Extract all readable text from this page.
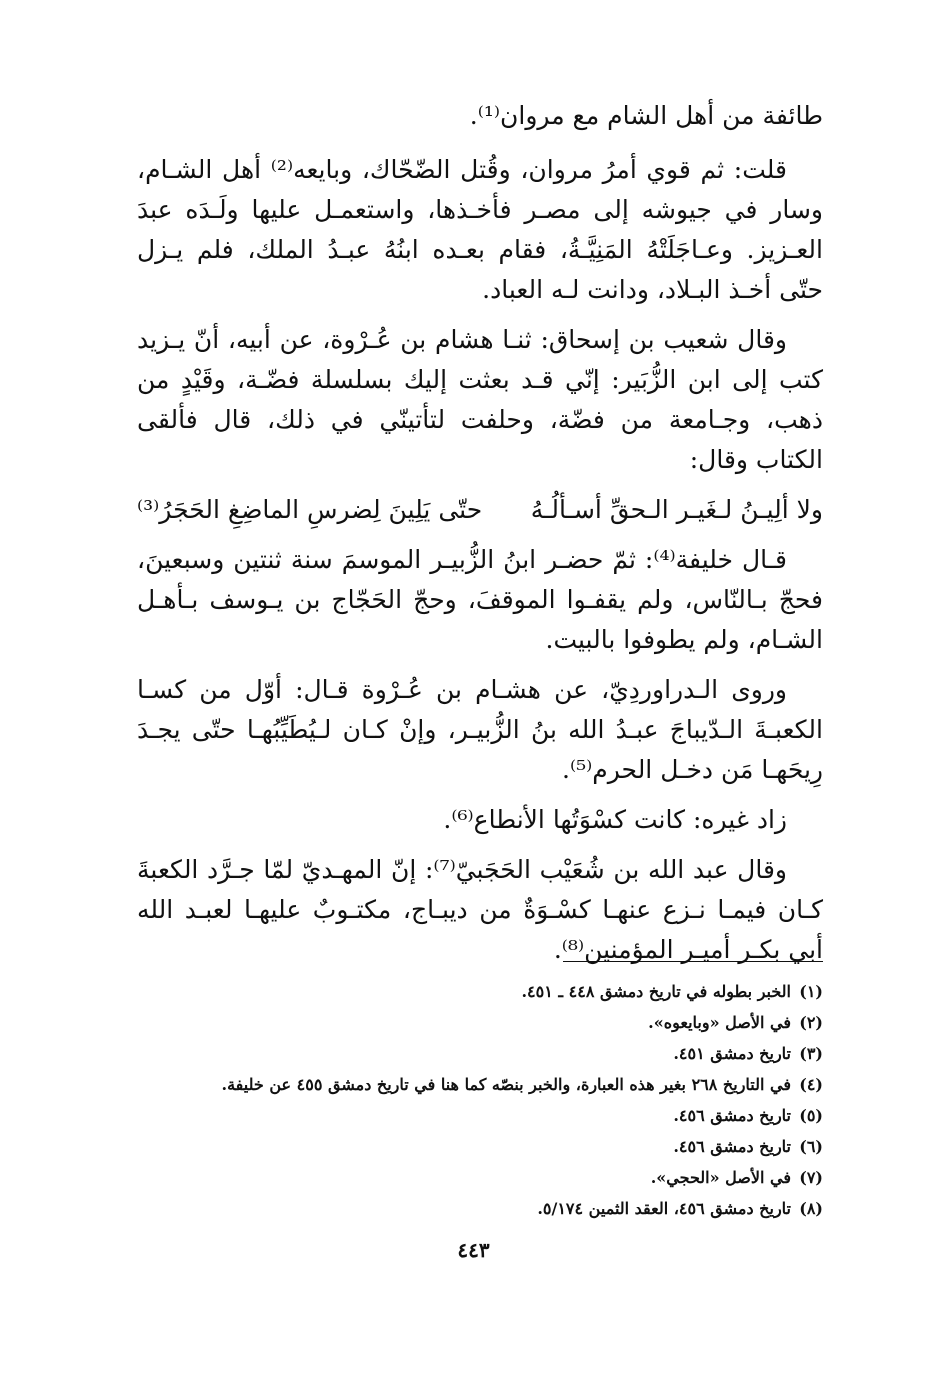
طائفة من أهل الشام مع مروان⁽¹⁾.

قلت: ثم قوي أمرُ مروان، وقُتل الضّحّاك، وبايعه⁽²⁾ أهل الشـام، وسار في جيوشه إلى مصـر فأخـذها، واستعمـل عليها ولَـدَه عبدَ العـزيز. وعـاجَلَتْهُ المَنِيَّـةُ، فقام بعـده ابنُهُ عبـدُ الملك، فلم يـزل حتّى أخـذ البـلاد، ودانت لـه العباد.

وقال شعيب بن إسحاق: ثنـا هشام بن عُـرْوة، عن أبيه، أنّ يـزيد كتب إلى ابن الزُّبَير: إنّي قـد بعثت إليك بسلسلة فضّـة، وقَيْدٍ من ذهب، وجـامعة من فضّة، وحلفت لتأتينّي في ذلك، قال فألقى الكتاب وقال:

ولا ألِيـنُ لـغَيـر الـحقِّ أسـألُـهُ
حتّى يَلِينَ لِضرسِ الماضِغِ الحَجَرُ⁽³⁾

قـال خليفة⁽⁴⁾: ثمّ حضـر ابنُ الزُّبيـر الموسمَ سنة ثنتين وسبعينَ، فحجّ بـالنّاس، ولم يقفـوا الموقفَ، وحجّ الحَجّاج بن يـوسف بـأهـل الشـام، ولم يطوفوا بالبيت.

وروى الـدراوردِيّ، عن هشـام بن عُـرْوة قـال: أوّل من كسـا الكعبـةَ الـدّيباجَ عبـدُ الله بنُ الزُّبيـر، وإنْ كـان لـيُطَيِّبُهـا حتّى يجـدَ رِيحَهـا مَن دخـل الحرم⁽⁵⁾.

زاد غيره: كانت كسْوَتُها الأنطاع⁽⁶⁾.

وقال عبد الله بن شُعَيْب الحَجَبيّ⁽⁷⁾: إنّ المهـديّ لمّا جـرَّد الكعبةَ كـان فيمـا نـزع عنهـا كسْـوَةٌ من ديبـاج، مكتـوبٌ عليهـا لعبـد الله أبي بكـر أميـر المؤمنين⁽⁸⁾.

(١)
الخبر بطوله في تاريخ دمشق ٤٤٨ ـ ٤٥١.
(٢)
في الأصل «وبايعوه».
(٣)
تاريخ دمشق ٤٥١.
(٤)
في التاريخ ٢٦٨ بغير هذه العبارة، والخبر بنصّه كما هنا في تاريخ دمشق ٤٥٥ عن خليفة.
(٥)
تاريخ دمشق ٤٥٦.
(٦)
تاريخ دمشق ٤٥٦.
(٧)
في الأصل «الحجي».
(٨)
تاريخ دمشق ٤٥٦، العقد الثمين ٥/١٧٤.
٤٤٣
